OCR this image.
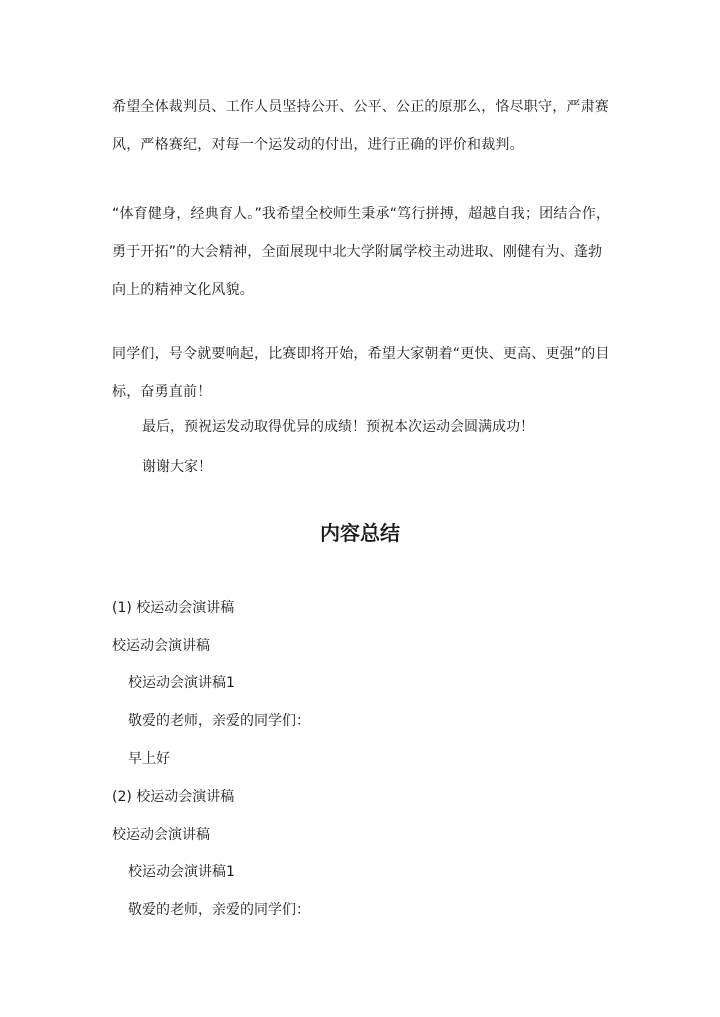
希望全体裁判员、工作人员坚持公开、公平、公正的原那么，恪尽职守，严肃赛风，严格赛纪，对每一个运发动的付出，进行正确的评价和裁判。

“体育健身，经典育人。”我希望全校师生秉承“笃行拼搏，超越自我；团结合作，勇于开拓”的大会精神，全面展现中北大学附属学校主动进取、刚健有为、蓬勃向上的精神文化风貌。

同学们，号令就要响起，比赛即将开始，希望大家朝着“更快、更高、更强”的目标，奋勇直前！

最后，预祝运发动取得优异的成绩！预祝本次运动会圆满成功！

谢谢大家！

内容总结

(1) 校运动会演讲稿

校运动会演讲稿

校运动会演讲稿1

敬爱的老师，亲爱的同学们：

早上好

(2) 校运动会演讲稿

校运动会演讲稿

校运动会演讲稿1

敬爱的老师，亲爱的同学们：
